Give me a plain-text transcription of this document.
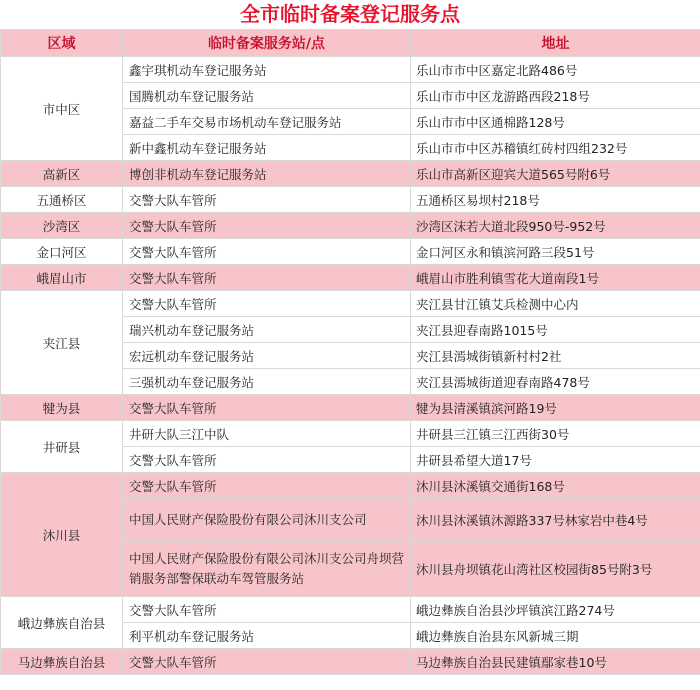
全市临时备案登记服务点
区域	临时备案服务站/点	地址
市中区	鑫宇琪机动车登记服务站	乐山市市中区嘉定北路486号
	国腾机动车登记服务站	乐山市市中区龙游路西段218号
	嘉益二手车交易市场机动车登记服务站	乐山市市中区通棉路128号
	新中鑫机动车登记服务站	乐山市市中区苏稽镇红砖村四组232号
高新区	博创非机动车登记服务站	乐山市高新区迎宾大道565号附6号
五通桥区	交警大队车管所	五通桥区易坝村218号
沙湾区	交警大队车管所	沙湾区沫若大道北段950号-952号
金口河区	交警大队车管所	金口河区永和镇滨河路三段51号
峨眉山市	交警大队车管所	峨眉山市胜利镇雪花大道南段1号
夹江县	交警大队车管所	夹江县甘江镇艾兵检测中心内
	瑞兴机动车登记服务站	夹江县迎春南路1015号
	宏远机动车登记服务站	夹江县漹城街镇新村村2社
	三强机动车登记服务站	夹江县漹城街道迎春南路478号
犍为县	交警大队车管所	犍为县清溪镇滨河路19号
井研县	井研大队三江中队	井研县三江镇三江西街30号
	交警大队车管所	井研县希望大道17号
沐川县	交警大队车管所	沐川县沐溪镇交通街168号
	中国人民财产保险股份有限公司沐川支公司	沐川县沐溪镇沐源路337号林家岩中巷4号
	中国人民财产保险股份有限公司沐川支公司舟坝营销服务部警保联动车驾管服务站	沐川县舟坝镇花山湾社区校园街85号附3号
峨边彝族自治县	交警大队车管所	峨边彝族自治县沙坪镇滨江路274号
	利平机动车登记服务站	峨边彝族自治县东风新城三期
马边彝族自治县	交警大队车管所	马边彝族自治县民建镇鄢家巷10号
